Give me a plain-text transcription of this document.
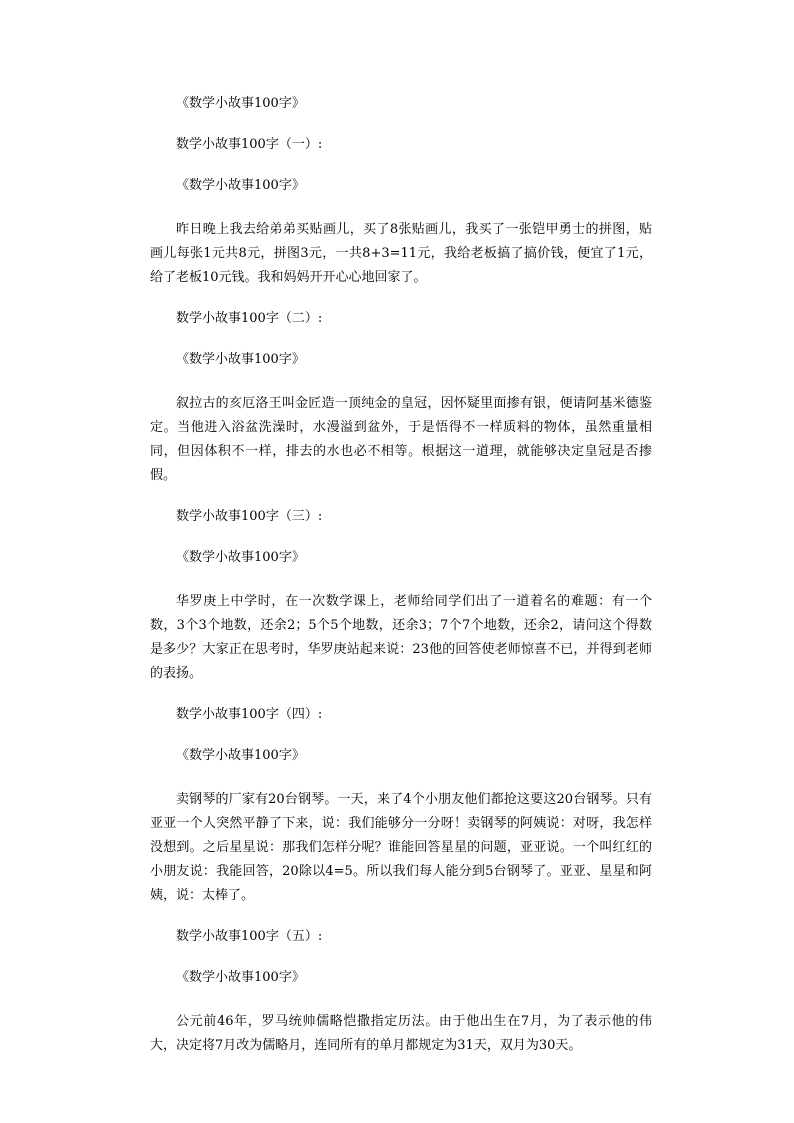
《数学小故事100字》

数学小故事100字（一）:

《数学小故事100字》

昨日晚上我去给弟弟买贴画儿，买了8张贴画儿，我买了一张铠甲勇士的拼图，贴画儿每张1元共8元，拼图3元，一共8+3=11元，我给老板搞了搞价钱，便宜了1元，给了老板10元钱。我和妈妈开开心心地回家了。

数学小故事100字（二）:

《数学小故事100字》

叙拉古的亥厄洛王叫金匠造一顶纯金的皇冠，因怀疑里面掺有银，便请阿基米德鉴定。当他进入浴盆洗澡时，水漫溢到盆外，于是悟得不一样质料的物体，虽然重量相同，但因体积不一样，排去的水也必不相等。根据这一道理，就能够决定皇冠是否掺假。

数学小故事100字（三）:

《数学小故事100字》

华罗庚上中学时，在一次数学课上，老师给同学们出了一道着名的难题：有一个数，3个3个地数，还余2；5个5个地数，还余3；7个7个地数，还余2，请问这个得数是多少？大家正在思考时，华罗庚站起来说：23他的回答使老师惊喜不已，并得到老师的表扬。

数学小故事100字（四）:

《数学小故事100字》

卖钢琴的厂家有20台钢琴。一天，来了4个小朋友他们都抢这要这20台钢琴。只有亚亚一个人突然平静了下来，说：我们能够分一分呀！卖钢琴的阿姨说：对呀，我怎样没想到。之后星星说：那我们怎样分呢？谁能回答星星的问题，亚亚说。一个叫红红的小朋友说：我能回答，20除以4=5。所以我们每人能分到5台钢琴了。亚亚、星星和阿姨，说：太棒了。

数学小故事100字（五）:

《数学小故事100字》

公元前46年，罗马统帅儒略恺撒指定历法。由于他出生在7月，为了表示他的伟大，决定将7月改为儒略月，连同所有的单月都规定为31天，双月为30天。
